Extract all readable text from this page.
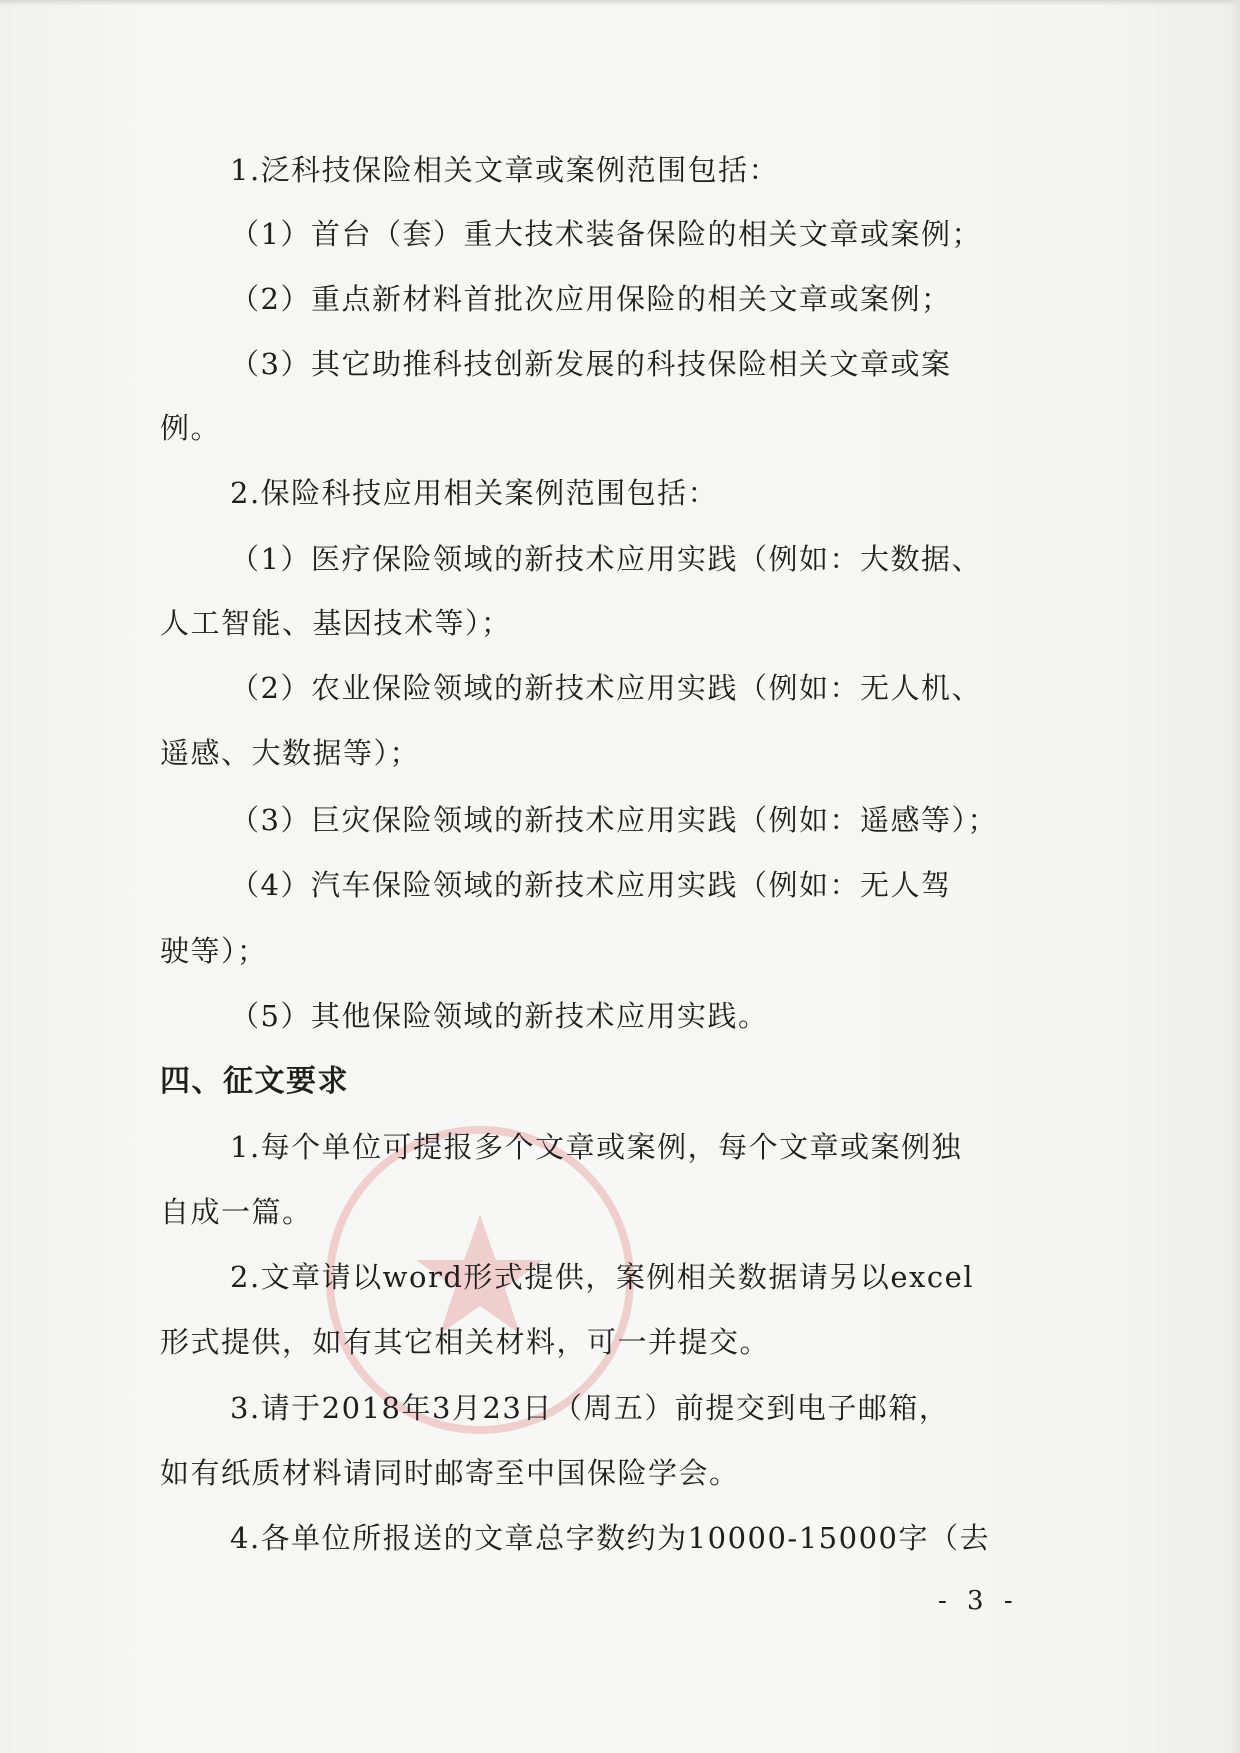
1.泛科技保险相关文章或案例范围包括：
（1）首台（套）重大技术装备保险的相关文章或案例；
（2）重点新材料首批次应用保险的相关文章或案例；
（3）其它助推科技创新发展的科技保险相关文章或案
例。
2.保险科技应用相关案例范围包括：
（1）医疗保险领域的新技术应用实践（例如：大数据、
人工智能、基因技术等）；
（2）农业保险领域的新技术应用实践（例如：无人机、
遥感、大数据等）；
（3）巨灾保险领域的新技术应用实践（例如：遥感等）；
（4）汽车保险领域的新技术应用实践（例如：无人驾
驶等）；
（5）其他保险领域的新技术应用实践。
四、征文要求
1.每个单位可提报多个文章或案例，每个文章或案例独
自成一篇。
2.文章请以word形式提供，案例相关数据请另以excel
形式提供，如有其它相关材料，可一并提交。
3.请于2018年3月23日（周五）前提交到电子邮箱，
如有纸质材料请同时邮寄至中国保险学会。
4.各单位所报送的文章总字数约为10000-15000字（去
- 3 -
